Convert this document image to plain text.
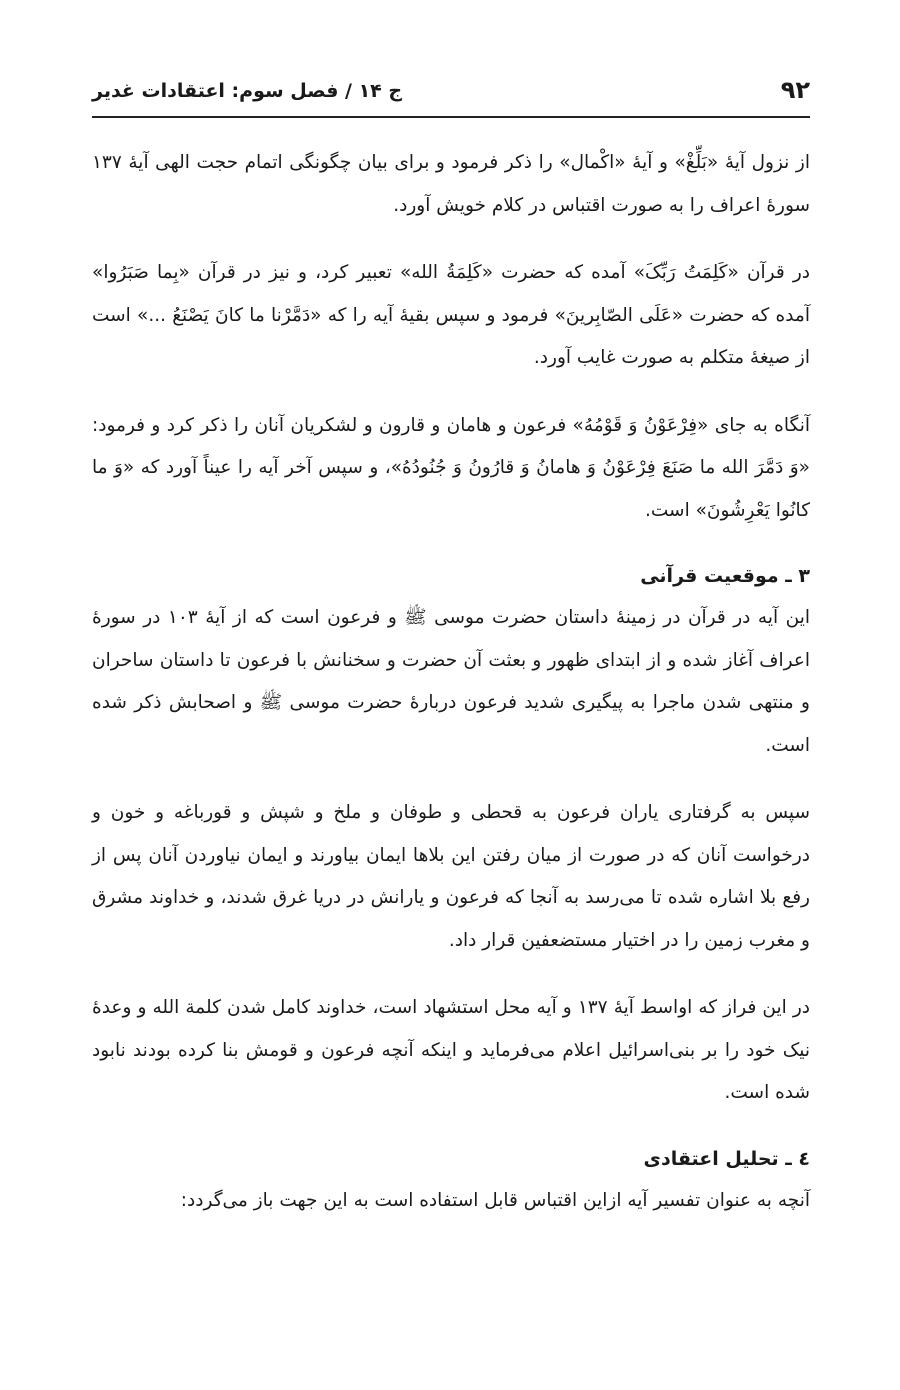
۹۲
ج ۱۴ / فصل سوم: اعتقادات غدیر

از نزول آیهٔ «بَلِّغْ» و آیهٔ «اکْمال» را ذکر فرمود و برای بیان چگونگی اتمام حجت الهی آیهٔ ۱۳۷ سورهٔ اعراف را به صورت اقتباس در کلام خویش آورد.

در قرآن «کَلِمَتُ رَبِّکَ» آمده که حضرت «کَلِمَةُ الله» تعبیر کرد، و نیز در قرآن «بِما صَبَرُوا» آمده که حضرت «عَلَی الصّابِرینَ» فرمود و سپس بقیهٔ آیه را که «دَمَّرْنا ما کانَ یَصْنَعُ ...» است از صیغهٔ متکلم به صورت غایب آورد.

آنگاه به جای «فِرْعَوْنُ وَ قَوْمُهُ» فرعون و هامان و قارون و لشکریان آنان را ذکر کرد و فرمود: «وَ دَمَّرَ الله ما صَنَعَ فِرْعَوْنُ وَ هامانُ وَ قارُونُ وَ جُنُودُهُ»، و سپس آخر آیه را عیناً آورد که «وَ ما کانُوا یَعْرِشُونَ» است.

۳ ـ موقعیت قرآنی

این آیه در قرآن در زمینهٔ داستان حضرت موسی ﷺ و فرعون است که از آیهٔ ۱۰۳ در سورهٔ اعراف آغاز شده و از ابتدای ظهور و بعثت آن حضرت و سخنانش با فرعون تا داستان ساحران و منتهی شدن ماجرا به پیگیری شدید فرعون دربارهٔ حضرت موسی ﷺ و اصحابش ذکر شده است.

سپس به گرفتاری یاران فرعون به قحطی و طوفان و ملخ و شپش و قورباغه و خون و درخواست آنان که در صورت از میان رفتن این بلاها ایمان بیاورند و ایمان نیاوردن آنان پس از رفع بلا اشاره شده تا می‌رسد به آنجا که فرعون و یارانش در دریا غرق شدند، و خداوند مشرق و مغرب زمین را در اختیار مستضعفین قرار داد.

در این فراز که اواسط آیهٔ ۱۳۷ و آیه محل استشهاد است، خداوند کامل شدن کلمة الله و وعدهٔ نیک خود را بر بنی‌اسرائیل اعلام می‌فرماید و اینکه آنچه فرعون و قومش بنا کرده بودند نابود شده است.

٤ ـ تحلیل اعتقادی

آنچه به عنوان تفسیر آیه ازاین اقتباس قابل استفاده است به این جهت باز می‌گردد:
